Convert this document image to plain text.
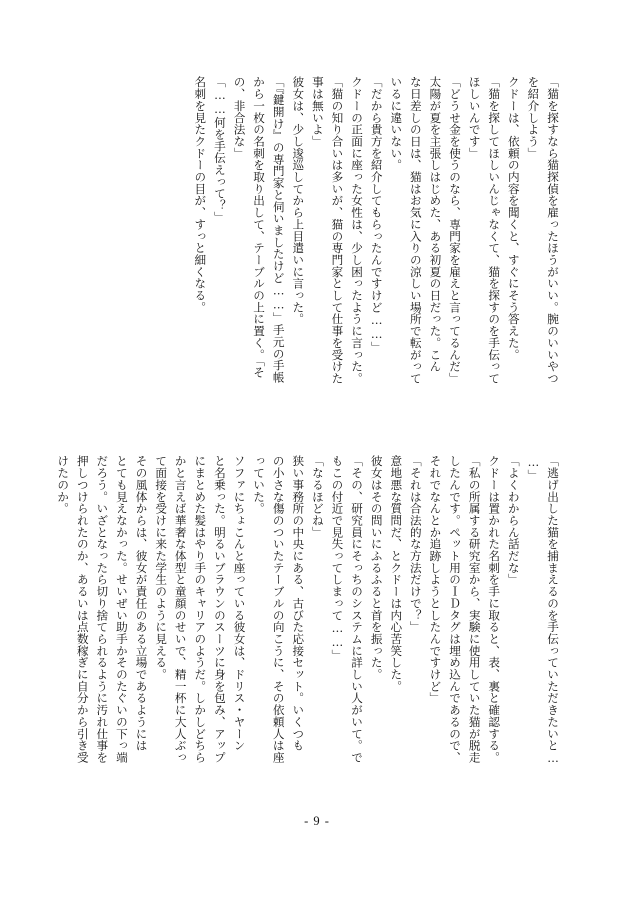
「猫を探すなら猫探偵を雇ったほうがいい。腕のいいやつ
を紹介しよう」
クドーは、依頼の内容を聞くと、すぐにそう答えた。
「猫を探してほしいんじゃなくて、猫を探すのを手伝って
ほしいんです」
「どうせ金を使うのなら、専門家を雇えと言ってるんだ」
太陽が夏を主張しはじめた、ある初夏の日だった。こん
な日差しの日は、猫はお気に入りの涼しい場所で転がって
いるに違いない。
「だから貴方を紹介してもらったんですけど……」
クドーの正面に座った女性は、少し困ったように言った。
「猫の知り合いは多いが、猫の専門家として仕事を受けた
事は無いよ」
彼女は、少し逡巡してから上目遣いに言った。
「『鍵開け』の専門家と伺いましたけど……」手元の手帳
から一枚の名刺を取り出して、テーブルの上に置く。「そ
の、非合法な」
「……何を手伝えって？」
名刺を見たクドーの目が、すっと細くなる。
「逃げ出した猫を捕まえるのを手伝っていただきたいと…
…」
「よくわからん話だな」
クドーは置かれた名刺を手に取ると、表、裏と確認する。
「私の所属する研究室から、実験に使用していた猫が脱走
したんです。ペット用のＩＤタグは埋め込んであるので、
それでなんとか追跡しようとしたんですけど」
「それは合法的な方法だけで？」
意地悪な質問だ、とクドーは内心苦笑した。
彼女はその問いにふるふると首を振った。
「その、研究員にそっちのシステムに詳しい人がいて。で
もこの付近で見失ってしまって……」
「なるほどね」
狭い事務所の中央にある、古びた応接セット。いくつも
の小さな傷のついたテーブルの向こうに、その依頼人は座
っていた。
ソファにちょこんと座っている彼女は、ドリス・ヤーン
と名乗った。明るいブラウンのスーツに身を包み、アップ
にまとめた髪はやり手のキャリアのようだ。しかしどちら
かと言えば華奢な体型と童顔のせいで、精一杯に大人ぶっ
て面接を受けに来た学生のように見える。
その風体からは、彼女が責任のある立場であるようには
とても見えなかった。せいぜい助手かそのたぐいの下っ端
だろう。いざとなったら切り捨てられるように汚れ仕事を
押しつけられたのか、あるいは点数稼ぎに自分から引き受
けたのか。
- 9 -
